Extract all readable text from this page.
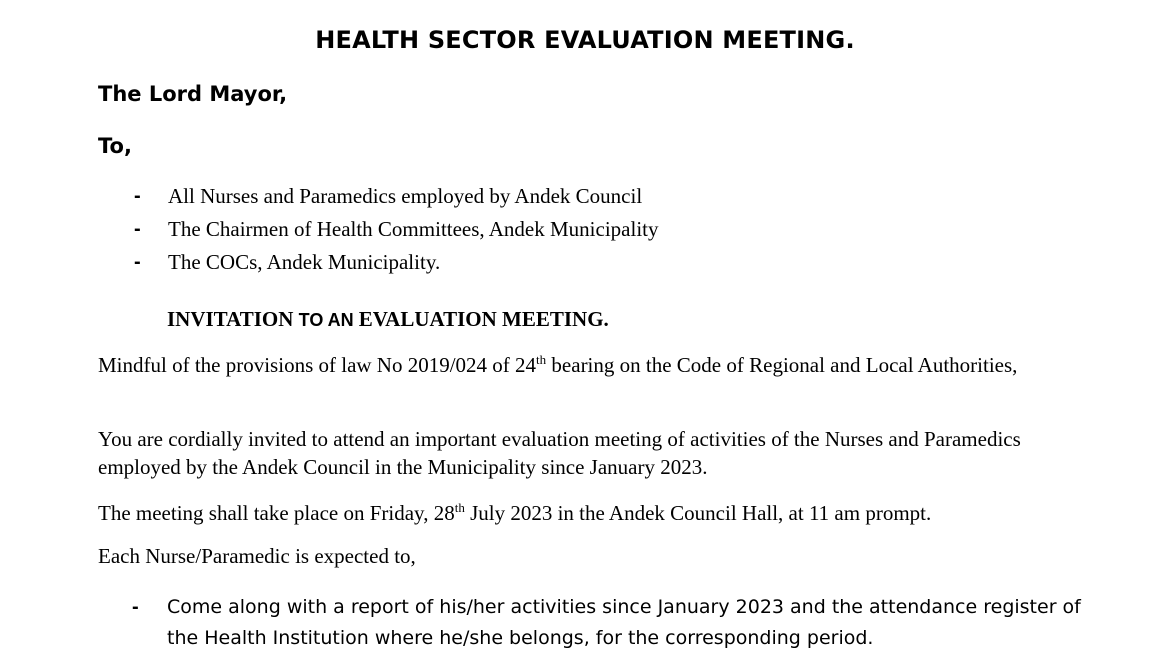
HEALTH SECTOR EVALUATION MEETING.
The Lord Mayor,
To,
- All Nurses and Paramedics employed by Andek Council
- The Chairmen of Health Committees, Andek Municipality
- The COCs, Andek Municipality.
INVITATION TO AN EVALUATION MEETING.
Mindful of the provisions of law No 2019/024 of 24th bearing on the Code of Regional and Local Authorities,
You are cordially invited to attend an important evaluation meeting of activities of the Nurses and Paramedics employed by the Andek Council in the Municipality since January 2023.
The meeting shall take place on Friday, 28th July 2023 in the Andek Council Hall, at 11 am prompt.
Each Nurse/Paramedic is expected to,
- Come along with a report of his/her activities since January 2023 and the attendance register of the Health Institution where he/she belongs, for the corresponding period.
